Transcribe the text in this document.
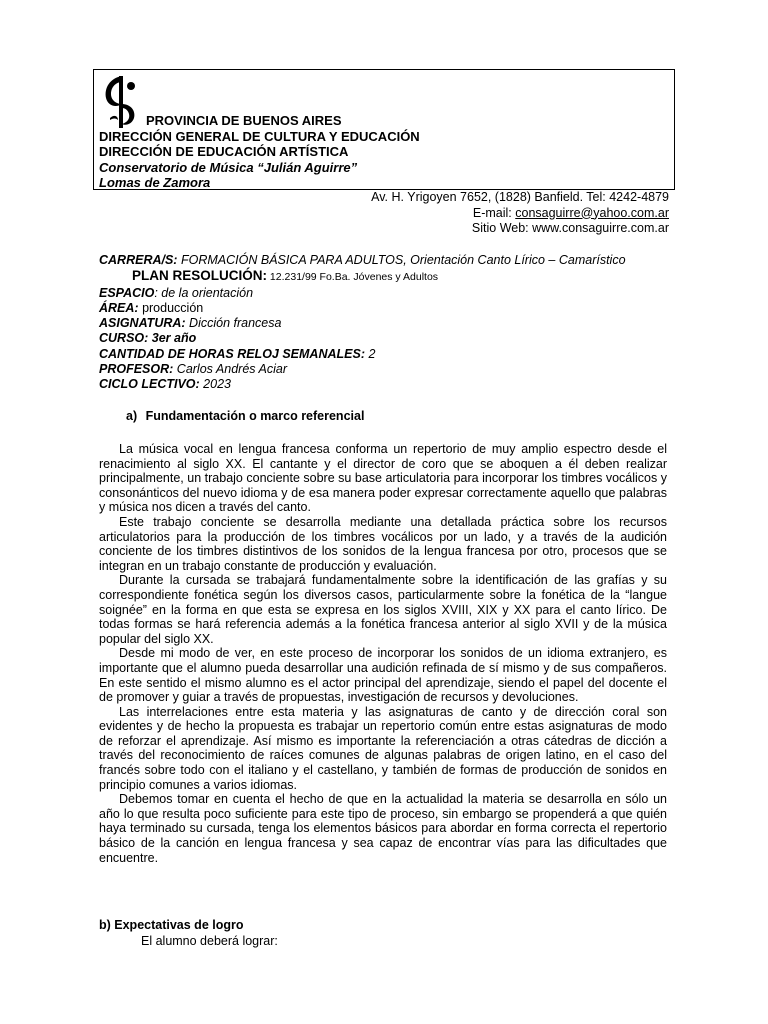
PROVINCIA DE BUENOS AIRES
DIRECCIÓN GENERAL DE CULTURA Y EDUCACIÓN
DIRECCIÓN DE EDUCACIÓN ARTÍSTICA
Conservatorio de Música “Julián Aguirre”
Lomas de Zamora
Av. H. Yrigoyen 7652, (1828) Banfield. Tel: 4242-4879
E-mail: consaguirre@yahoo.com.ar
Sitio Web: www.consaguirre.com.ar
CARRERA/S: FORMACIÓN BÁSICA PARA ADULTOS, Orientación Canto Lírico – Camarístico
PLAN RESOLUCIÓN: 12.231/99 Fo.Ba. Jóvenes y Adultos
ESPACIO: de la orientación
ÁREA: producción
ASIGNATURA: Dicción francesa
CURSO: 3er año
CANTIDAD DE HORAS RELOJ SEMANALES: 2
PROFESOR: Carlos Andrés Aciar
CICLO LECTIVO: 2023
a) Fundamentación o marco referencial

La música vocal en lengua francesa conforma un repertorio de muy amplio espectro desde el renacimiento al siglo XX. El cantante y el director de coro que se aboquen a él deben realizar principalmente, un trabajo conciente sobre su base articulatoria para incorporar los timbres vocálicos y consonánticos del nuevo idioma y de esa manera poder expresar correctamente aquello que palabras y música nos dicen a través del canto.

Este trabajo conciente se desarrolla mediante una detallada práctica sobre los recursos articulatorios para la producción de los timbres vocálicos por un lado, y a través de la audición conciente de los timbres distintivos de los sonidos de la lengua francesa por otro, procesos que se integran en un trabajo constante de producción y evaluación.

Durante la cursada se trabajará fundamentalmente sobre la identificación de las grafías y su correspondiente fonética según los diversos casos, particularmente sobre la fonética de la “langue soignée” en la forma en que esta se expresa en los siglos XVIII, XIX y XX para el canto lírico. De todas formas se hará referencia además a la fonética francesa anterior al siglo XVII y de la música popular del siglo XX.

Desde mi modo de ver, en este proceso de incorporar los sonidos de un idioma extranjero, es importante que el alumno pueda desarrollar una audición refinada de sí mismo y de sus compañeros. En este sentido el mismo alumno es el actor principal del aprendizaje, siendo el papel del docente el de promover y guiar a través de propuestas, investigación de recursos y devoluciones.

Las interrelaciones entre esta materia y las asignaturas de canto y de dirección coral son evidentes y de hecho la propuesta es trabajar un repertorio común entre estas asignaturas de modo de reforzar el aprendizaje. Así mismo es importante la referenciación a otras cátedras de dicción a través del reconocimiento de raíces comunes de algunas palabras de origen latino, en el caso del francés sobre todo con el italiano y el castellano, y también de formas de producción de sonidos en principio comunes a varios idiomas.

Debemos tomar en cuenta el hecho de que en la actualidad la materia se desarrolla en sólo un año lo que resulta poco suficiente para este tipo de proceso, sin embargo se propenderá a que quién haya terminado su cursada, tenga los elementos básicos para abordar en forma correcta el repertorio básico de la canción en lengua francesa y sea capaz de encontrar vías para las dificultades que encuentre.

b) Expectativas de logro
El alumno deberá lograr:
